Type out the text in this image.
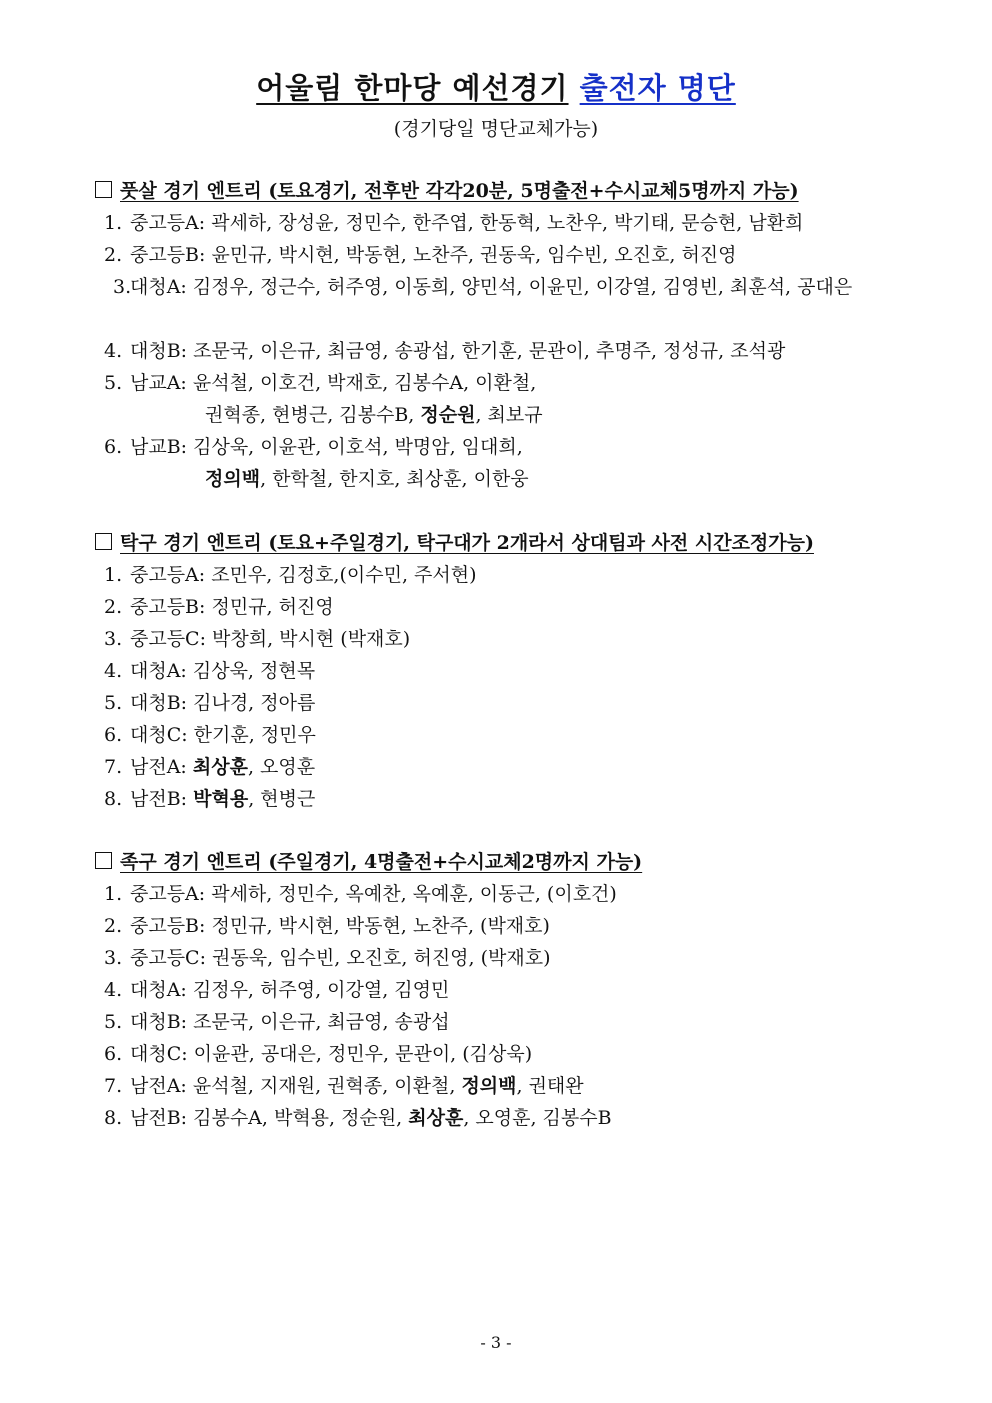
어울림 한마당 예선경기 출전자 명단
(경기당일 명단교체가능)
풋살 경기 엔트리 (토요경기, 전후반 각각20분, 5명출전+수시교체5명까지 가능)
1. 중고등A: 곽세하, 장성윤, 정민수, 한주엽, 한동혁, 노찬우, 박기태, 문승현, 남환희
2. 중고등B: 윤민규, 박시현, 박동현, 노찬주, 권동욱, 임수빈, 오진호, 허진영
3.대청A: 김정우, 정근수, 허주영, 이동희, 양민석, 이윤민, 이강열, 김영빈, 최훈석, 공대은
4. 대청B: 조문국, 이은규, 최금영, 송광섭, 한기훈, 문관이, 추명주, 정성규, 조석광
5. 남교A: 윤석철, 이호건, 박재호, 김봉수A, 이환철,
권혁종, 현병근, 김봉수B, 정순원, 최보규
6. 남교B: 김상욱, 이윤관, 이호석, 박명암, 임대희,
정의백, 한학철, 한지호, 최상훈, 이한웅
탁구 경기 엔트리 (토요+주일경기, 탁구대가 2개라서 상대팀과 사전 시간조정가능)
1. 중고등A: 조민우, 김정호,(이수민, 주서현)
2. 중고등B: 정민규, 허진영
3. 중고등C: 박창희, 박시현 (박재호)
4. 대청A: 김상욱, 정현목
5. 대청B: 김나경, 정아름
6. 대청C: 한기훈, 정민우
7. 남전A: 최상훈, 오영훈
8. 남전B: 박혁용, 현병근
족구 경기 엔트리 (주일경기, 4명출전+수시교체2명까지 가능)
1. 중고등A: 곽세하, 정민수, 옥예찬, 옥예훈, 이동근, (이호건)
2. 중고등B: 정민규, 박시현, 박동현, 노찬주, (박재호)
3. 중고등C: 권동욱, 임수빈, 오진호, 허진영, (박재호)
4. 대청A: 김정우, 허주영, 이강열, 김영민
5. 대청B: 조문국, 이은규, 최금영, 송광섭
6. 대청C: 이윤관, 공대은, 정민우, 문관이, (김상욱)
7. 남전A: 윤석철, 지재원, 권혁종, 이환철, 정의백, 권태완
8. 남전B: 김봉수A, 박혁용, 정순원, 최상훈, 오영훈, 김봉수B
- 3 -
